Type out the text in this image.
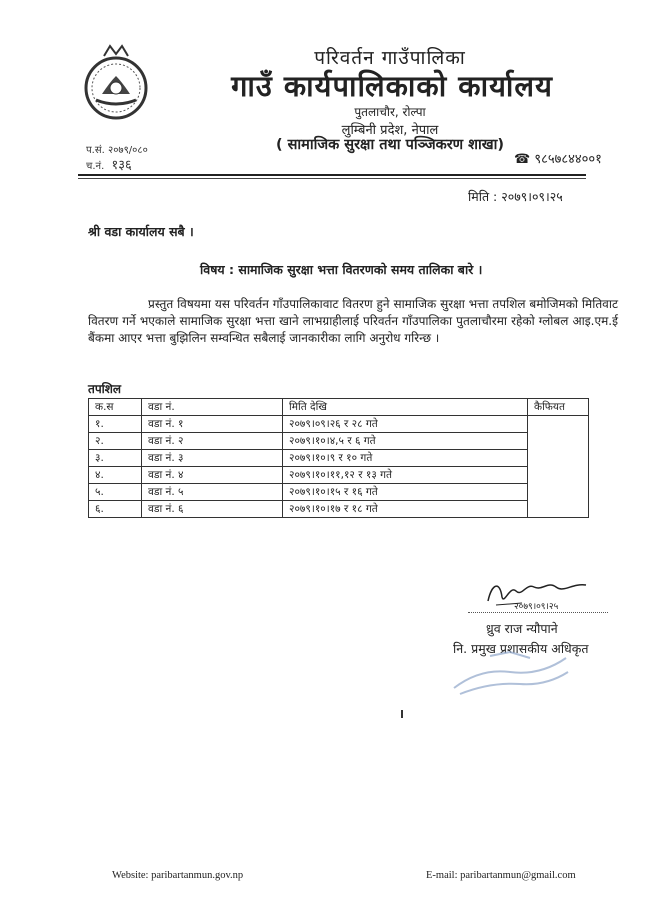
परिवर्तन गाउँपालिका
गाउँ कार्यपालिकाको कार्यालय
पुतलाचौर, रोल्पा
लुम्बिनी प्रदेश, नेपाल
( सामाजिक सुरक्षा तथा पञ्जिकरण शाखा)
प.सं. २०७९/०८०
च.नं. १३६	☎ ९८५७८४४००१
मिति : २०७९।०९।२५
श्री वडा कार्यालय सबै ।
विषय : सामाजिक सुरक्षा भत्ता वितरणको समय तालिका बारे ।
प्रस्तुत विषयमा यस परिवर्तन गाँउपालिकावाट वितरण हुने सामाजिक सुरक्षा भत्ता तपशिल बमोजिमको मितिवाट वितरण गर्ने भएकाले सामाजिक सुरक्षा भत्ता खाने लाभग्राहीलाई परिवर्तन गाँउपालिका पुतलाचौरमा रहेको ग्लोबल आइ.एम.ई बैंकमा आएर भत्ता बुझिलिन सम्वन्धित सबैलाई जानकारीका लागि अनुरोध गरिन्छ ।
तपशिल
क.स	वडा नं.	मिति देखि	कैफियत
१.	वडा नं. १	२०७९।०९।२६ र २८ गते	
२.	वडा नं. २	२०७९।१०।४,५ र ६ गते	
३.	वडा नं. ३	२०७९।१०।९ र १० गते	
४.	वडा नं. ४	२०७९।१०।११,१२ र १३ गते	
५.	वडा नं. ५	२०७९।१०।१५ र १६ गते	
६.	वडा नं. ६	२०७९।१०।१७ र १८ गते	
२०७९।०९।२५
ध्रुव राज न्यौपाने
नि. प्रमुख प्रशासकीय अधिकृत
Website: paribartanmun.gov.np	E-mail: paribartanmun@gmail.com
